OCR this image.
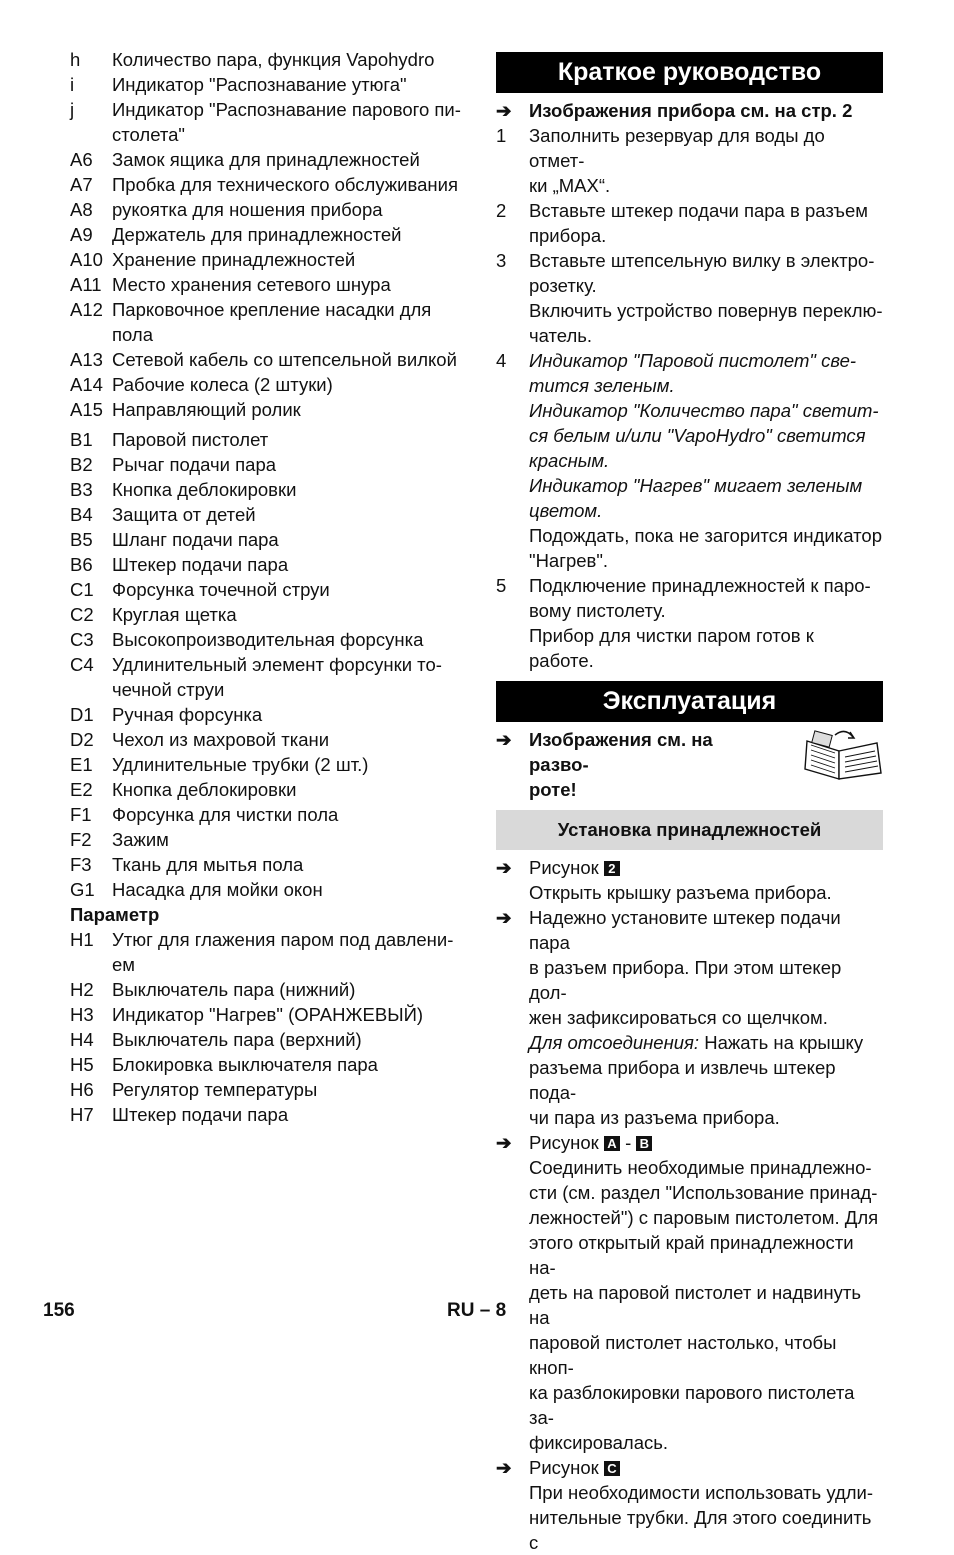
h	Количество пара, функция Vapohydro
i	Индикатор "Распознавание утюга"
j	Индикатор "Распознавание парового пи-
столета"
A6	Замок ящика для принадлежностей
A7	Пробка для технического обслуживания
A8	рукоятка для ношения прибора
A9	Держатель для принадлежностей
A10 Хранение принадлежностей
A11 Место хранения сетевого шнура
A12 Парковочное крепление насадки для
пола
A13 Сетевой кабель со штепсельной вилкой
A14 Рабочие колеса (2 штуки)
A15 Направляющий ролик
B1	Паровой пистолет
B2	Рычаг подачи пара
B3	Кнопка деблокировки
B4	Защита от детей
B5	Шланг подачи пара
B6	Штекер подачи пара
C1 Форсунка точечной струи
C2 Круглая щетка
C3 Высокопроизводительная форсунка
C4 Удлинительный элемент форсунки то-
чечной струи
D1 Ручная форсунка
D2 Чехол из махровой ткани
E1	Удлинительные трубки (2 шт.)
E2	Кнопка деблокировки
F1	Форсунка для чистки пола
F2	Зажим
F3	Ткань для мытья пола
G1 Насадка для мойки окон
Параметр
H1 Утюг для глажения паром под давлени-
ем
H2 Выключатель пара (нижний)
H3 Индикатор "Нагрев" (ОРАНЖЕВЫЙ)
H4 Выключатель пара (верхний)
H5 Блокировка выключателя пара
H6 Регулятор температуры
H7 Штекер подачи пара
Краткое руководство
➔ Изображения прибора см. на стр. 2
1	Заполнить резервуар для воды до отмет-
ки „MAX“.
2	Вставьте штекер подачи пара в разъем
прибора.
3	Вставьте штепсельную вилку в электро-
розетку.
Включить устройство повернув переклю-
чатель.
4	Индикатор "Паровой пистолет" све-
тится зеленым.
Индикатор "Количество пара" светит-
ся белым и/или "VapoHydro" светится
красным.
Индикатор "Нагрев" мигает зеленым
цветом.
Подождать, пока не загорится индикатор
"Нагрев".
5	Подключение принадлежностей к паро-
вому пистолету.
Прибор для чистки паром готов к работе.
Эксплуатация
➔ Изображения см. на разво-
роте!
Установка принадлежностей
➔ Рисунок 2
Открыть крышку разъема прибора.
➔ Надежно установите штекер подачи пара
в разъем прибора. При этом штекер дол-
жен зафиксироваться со щелчком.
Для отсоединения: Нажать на крышку
разъема прибора и извлечь штекер пода-
чи пара из разъема прибора.
➔ Рисунок A - B
Соединить необходимые принадлежно-
сти (см. раздел "Использование принад-
лежностей") с паровым пистолетом. Для
этого открытый край принадлежности на-
деть на паровой пистолет и надвинуть на
паровой пистолет настолько, чтобы кноп-
ка разблокировки парового пистолета за-
фиксировалась.
➔ Рисунок C
При необходимости использовать удли-
нительные трубки. Для этого соединить с
156	RU – 8
